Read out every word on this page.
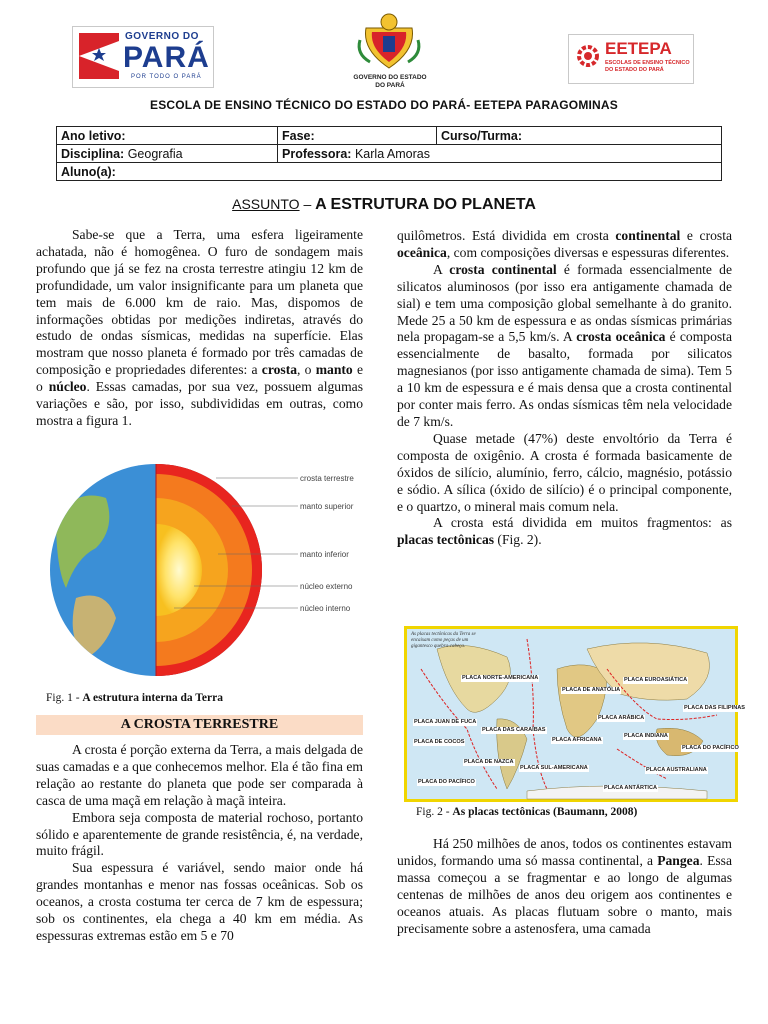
GOVERNO DO
PARÁ
POR TODO O PARÁ	GOVERNO DO ESTADO
DO PARÁ
EETEPA
ESCOLAS DE ENSINO TÉCNICO
DO ESTADO DO PARÁ
ESCOLA DE ENSINO TÉCNICO DO ESTADO DO PARÁ- EETEPA PARAGOMINAS
Ano letivo:	Fase:	Curso/Turma:
Disciplina: Geografia	Professora: Karla Amoras	
Aluno(a):		
ASSUNTO – A ESTRUTURA DO PLANETA

Sabe-se que a Terra, uma esfera ligeiramente achatada, não é homogênea. O furo de sondagem mais profundo que já se fez na crosta terrestre atingiu 12 km de profundidade, um valor insignificante para um planeta que tem mais de 6.000 km de raio. Mas, dispomos de informações obtidas por medições indiretas, através do estudo de ondas sísmicas, medidas na superfície. Elas mostram que nosso planeta é formado por três camadas de composição e propriedades diferentes: a crosta, o manto e o núcleo. Essas camadas, por sua vez, possuem algumas variações e são, por isso, subdivididas em outras, como mostra a figura 1.

crosta terrestre
manto superior
manto inferior
núcleo externo
núcleo interno
Fig. 1 - A estrutura interna da Terra
A CROSTA TERRESTRE

A crosta é porção externa da Terra, a mais delgada de suas camadas e a que conhecemos melhor. Ela é tão fina em relação ao restante do planeta que pode ser comparada à casca de uma maçã em relação à maçã inteira.

Embora seja composta de material rochoso, portanto sólido e aparentemente de grande resistência, é, na verdade, muito frágil.

Sua espessura é variável, sendo maior onde há grandes montanhas e menor nas fossas oceânicas. Sob os oceanos, a crosta costuma ter cerca de 7 km de espessura; sob os continentes, ela chega a 40 km em média. As espessuras extremas estão em 5 e 70

quilômetros. Está dividida em crosta continental e crosta oceânica, com composições diversas e espessuras diferentes.

A crosta continental é formada essencialmente de silicatos aluminosos (por isso era antigamente chamada de sial) e tem uma composição global semelhante à do granito. Mede 25 a 50 km de espessura e as ondas sísmicas primárias nela propagam-se a 5,5 km/s. A crosta oceânica é composta essencialmente de basalto, formada por silicatos magnesianos (por isso antigamente chamada de sima). Tem 5 a 10 km de espessura e é mais densa que a crosta continental por conter mais ferro. As ondas sísmicas têm nela velocidade de 7 km/s.

Quase metade (47%) deste envoltório da Terra é composta de oxigênio. A crosta é formada basicamente de óxidos de silício, alumínio, ferro, cálcio, magnésio, potássio e sódio. A sílica (óxido de silício) é o principal componente, e o quartzo, o mineral mais comum nela.

A crosta está dividida em muitos fragmentos: as placas tectônicas (Fig. 2).

As placas tectônicas da Terra se encaixam como peças de um gigantesco quebra-cabeça.
PLACA NORTE-AMERICANA
PLACA DE ANATÓLIA
PLACA EUROASIÁTICA
PLACA DAS FILIPINAS
PLACA JUAN DE FUCA
PLACA DAS CARAÍBAS
PLACA AFRICANA
PLACA ARÁBICA
PLACA INDIANA
PLACA DO PACÍFICO
PLACA DE COCOS
PLACA DE NAZCA
PLACA SUL-AMERICANA	PLACA AUSTRALIANA
PLACA ANTÁRTICA
PLACA DO PACÍFICO
Fig. 2 - As placas tectônicas (Baumann, 2008)

Há 250 milhões de anos, todos os continentes estavam unidos, formando uma só massa continental, a Pangea. Essa massa começou a se fragmentar e ao longo de algumas centenas de milhões de anos deu origem aos continentes e oceanos atuais. As placas flutuam sobre o manto, mais precisamente sobre a astenosfera, uma camada
